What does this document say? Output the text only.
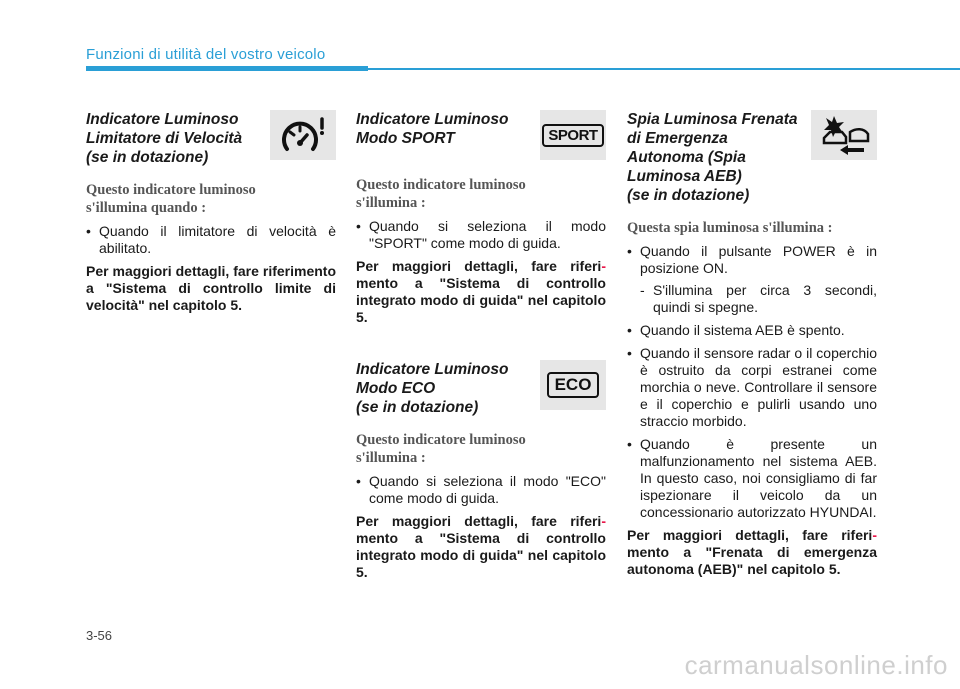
Funzioni di utilità del vostro veicolo
Indicatore Luminoso
Limitatore di Velocità
(se in dotazione)
Questo indicatore luminoso
s'illumina quando :
• Quando il limitatore di velocità è abilitato.
Per maggiori dettagli, fare riferimento a "Sistema di controllo limite di velocità" nel capitolo 5.
Indicatore Luminoso
Modo SPORT	SPORT
Questo indicatore luminoso
s'illumina :
• Quando si seleziona il modo "SPORT" come modo di guida.
Per maggiori dettagli, fare riferi- mento a "Sistema di controllo integrato modo di guida" nel capitolo 5.
Indicatore Luminoso
Modo ECO
(se in dotazione)
ECO
Questo indicatore luminoso
s'illumina :
• Quando si seleziona il modo "ECO" come modo di guida.
Per maggiori dettagli, fare riferi- mento a "Sistema di controllo integrato modo di guida" nel capitolo 5.
Spia Luminosa Frenata
di Emergenza
Autonoma (Spia
Luminosa AEB)
(se in dotazione)
Questa spia luminosa s'illumina :
• Quando il pulsante POWER è in posizione ON.
- S'illumina per circa 3 secondi, quindi si spegne.
• Quando il sistema AEB è spento.
• Quando il sensore radar o il coperchio è ostruito da corpi estranei come morchia o neve. Controllare il sensore e il coperchio e pulirli usando uno straccio morbido.
• Quando è presente un malfunzionamento nel sistema AEB. In questo caso, noi consigliamo di far ispezionare il veicolo da un concessionario autorizzato HYUNDAI.
Per maggiori dettagli, fare riferi- mento a "Frenata di emergenza autonoma (AEB)" nel capitolo 5.
3-56
carmanualsonline.info
